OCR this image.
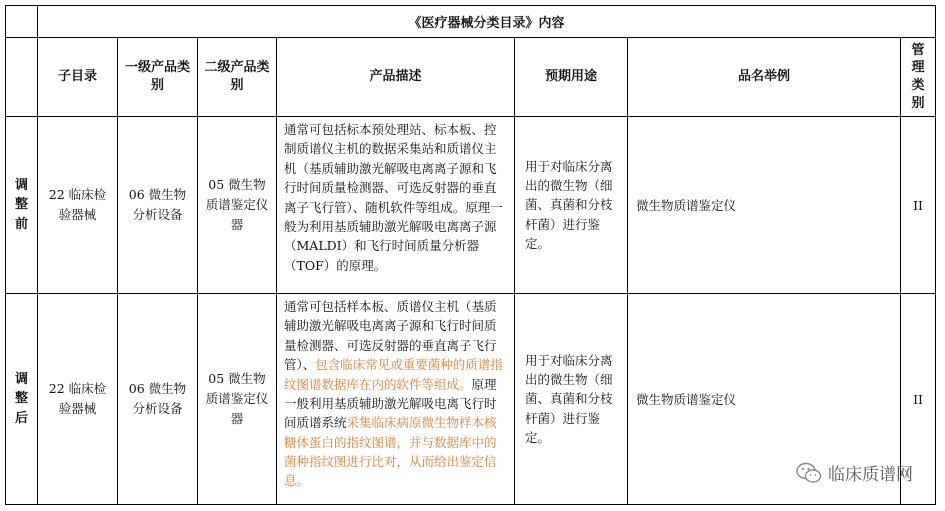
	《医疗器械分类目录》内容						
	子目录	一级产品类别	二级产品类别	产品描述	预期用途	品名举例	管
理
类
别

调
整
前	22 临床检验器械	06 微生物分析设备	05 微生物质谱鉴定仪器	通常可包括标本预处理站、标本板、控制质谱仪主机的数据采集站和质谱仪主机（基质辅助激光解吸电离离子源和飞行时间质量检测器、可选反射器的垂直离子飞行管）、随机软件等组成。原理一般为利用基质辅助激光解吸电离离子源（MALDI）和飞行时间质量分析器（TOF）的原理。	用于对临床分离出的微生物（细菌、真菌和分枝杆菌）进行鉴定。	微生物质谱鉴定仪	II

调
整
后	22 临床检验器械	06 微生物分析设备	05 微生物质谱鉴定仪器	通常可包括样本板、质谱仪主机（基质辅助激光解吸电离离子源和飞行时间质量检测器、可选反射器的垂直离子飞行管）、包含临床常见或重要菌种的质谱指纹图谱数据库在内的软件等组成。原理一般利用基质辅助激光解吸电离飞行时间质谱系统采集临床病原微生物样本核糖体蛋白的指纹图谱，并与数据库中的菌种指纹图进行比对，从而给出鉴定信息。	用于对临床分离出的微生物（细菌、真菌和分枝杆菌）进行鉴定。	微生物质谱鉴定仪	II
临床质谱网
